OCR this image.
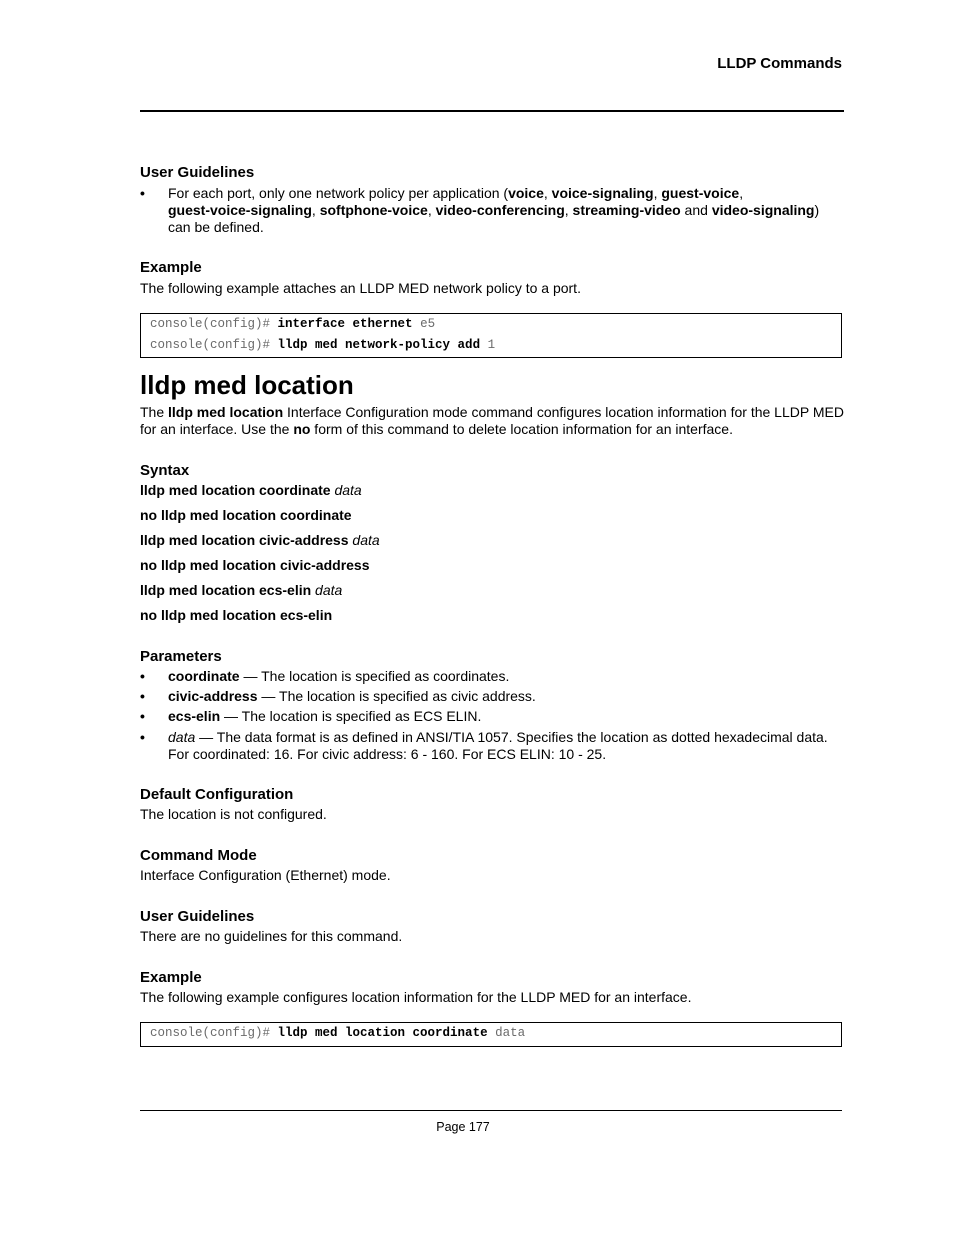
LLDP Commands
User Guidelines
• For each port, only one network policy per application (voice, voice-signaling, guest-voice,
guest-voice-signaling, softphone-voice, video-conferencing, streaming-video and video-signaling)
can be defined.
Example
The following example attaches an LLDP MED network policy to a port.
console(config)# interface ethernet e5
console(config)# lldp med network-policy add 1
lldp med location
The lldp med location Interface Configuration mode command configures location information for the LLDP MED
for an interface. Use the no form of this command to delete location information for an interface.
Syntax
lldp med location coordinate data
no lldp med location coordinate
lldp med location civic-address data
no lldp med location civic-address
lldp med location ecs-elin data
no lldp med location ecs-elin
Parameters
• coordinate — The location is specified as coordinates.
• civic-address — The location is specified as civic address.
• ecs-elin — The location is specified as ECS ELIN.
• data — The data format is as defined in ANSI/TIA 1057. Specifies the location as dotted hexadecimal data.
For coordinated: 16. For civic address: 6 - 160. For ECS ELIN: 10 - 25.
Default Configuration
The location is not configured.
Command Mode
Interface Configuration (Ethernet) mode.
User Guidelines
There are no guidelines for this command.
Example
The following example configures location information for the LLDP MED for an interface.
console(config)# lldp med location coordinate data
Page 177
